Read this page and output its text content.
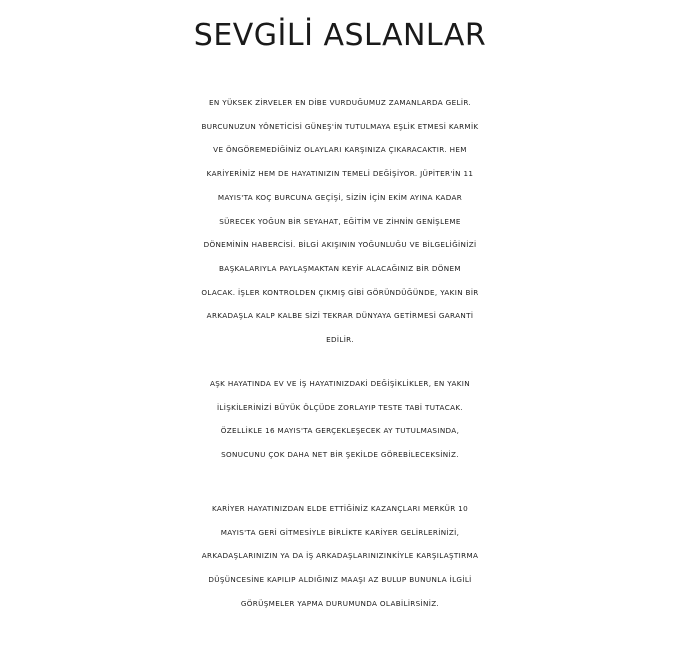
SEVGİLİ ASLANLAR
EN YÜKSEK ZİRVELER EN DİBE VURDUĞUMUZ ZAMANLARDA GELİR.
BURCUNUZUN YÖNETİCİSİ GÜNEŞ'İN TUTULMAYA EŞLİK ETMESİ KARMİK
VE ÖNGÖREMEDİĞİNİZ OLAYLARI KARŞINIZA ÇIKARACAKTIR. HEM
KARİYERİNİZ HEM DE HAYATINIZIN TEMELİ DEĞİŞİYOR. JÜPİTER'İN 11
MAYIS'TA KOÇ BURCUNA GEÇİŞİ, SİZİN İÇİN EKİM AYINA KADAR
SÜRECEK YOĞUN BİR SEYAHAT, EĞİTİM VE ZİHNİN GENİŞLEME
DÖNEMİNİN HABERCİSİ. BİLGİ AKIŞININ YOĞUNLUĞU VE BİLGELİĞİNİZİ
BAŞKALARIYLA PAYLAŞMAKTAN KEYİF ALACAĞINIZ BİR DÖNEM
OLACAK. İŞLER KONTROLDEN ÇIKMIŞ GİBİ GÖRÜNDÜĞÜNDE, YAKIN BİR
ARKADAŞLA KALP KALBE SİZİ TEKRAR DÜNYAYA GETİRMESİ GARANTİ
EDİLİR.
AŞK HAYATINDA EV VE İŞ HAYATINIZDAKİ DEĞİŞİKLİKLER, EN YAKIN
İLİŞKİLERİNİZİ BÜYÜK ÖLÇÜDE ZORLAYIP TESTE TABİ TUTACAK.
ÖZELLİKLE 16 MAYIS'TA GERÇEKLEŞECEK AY TUTULMASINDA,
SONUCUNU ÇOK DAHA NET BİR ŞEKİLDE GÖREBİLECEKSİNİZ.
KARİYER HAYATINIZDAN ELDE ETTİĞİNİZ KAZANÇLARI MERKÜR 10
MAYIS'TA GERİ GİTMESİYLE BİRLİKTE KARİYER GELİRLERİNİZİ,
ARKADAŞLARINIZIN YA DA İŞ ARKADAŞLARINIZINKİYLE KARŞILAŞTIRMA
DÜŞÜNCESİNE KAPILIP ALDIĞINIZ MAAŞI AZ BULUP BUNUNLA İLGİLİ
GÖRÜŞMELER YAPMA DURUMUNDA OLABİLİRSİNİZ.
